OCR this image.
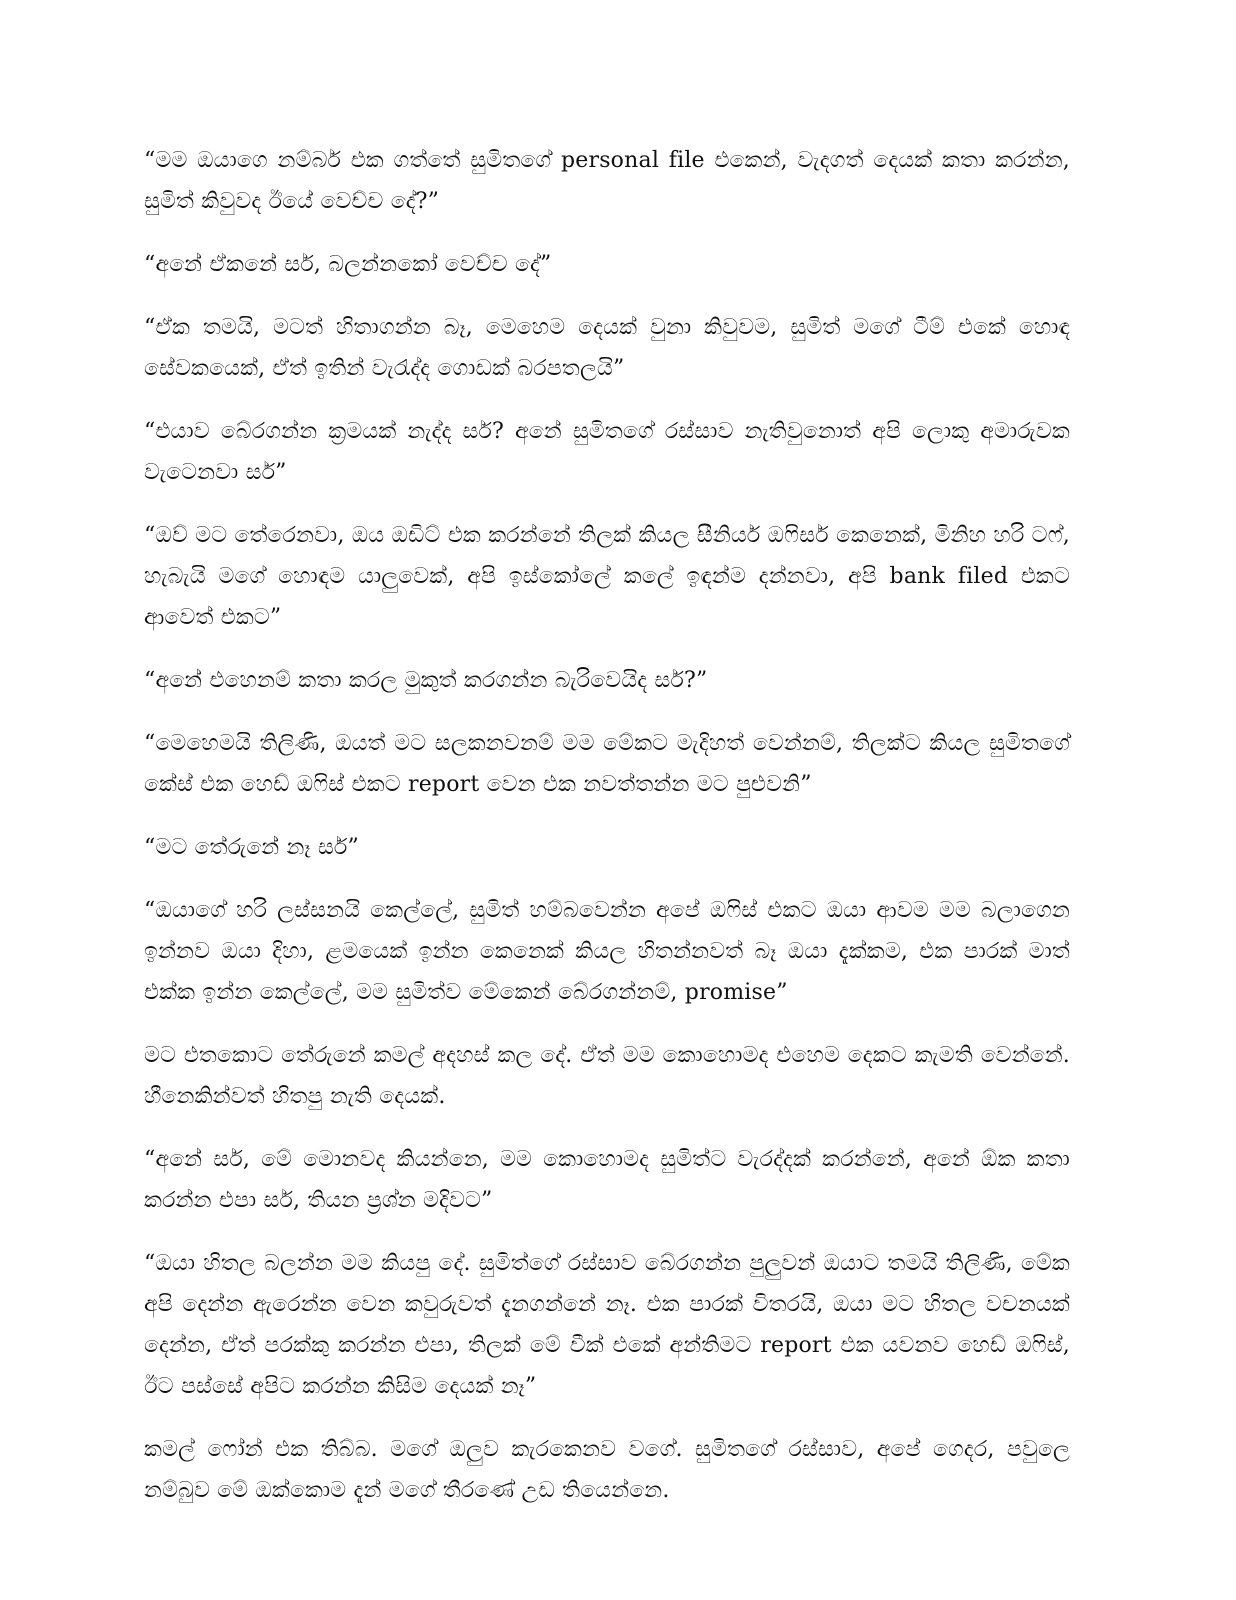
“මම ඔයාගෙ නම්බර් එක ගත්තේ සුමිතගේ personal file එකෙන්, වැදගත් දෙයක් කතා කරන්න, සුමිත් කිවුවද ඊයේ වෙච්ච දේ?”

“අනේ ඒකනේ සර්, බලන්නකෝ වෙච්ච දේ”

“ඒක තමයි, මටත් හිතාගන්න බෑ, මෙහෙම දෙයක් වුනා කිවුවම, සුමිත් මගේ ටීම් එකේ හොඳ සේවකයෙක්, ඒත් ඉතින් වැරැද්ද ගොඩක් බරපතලයි”

“එයාව බේරගන්න ක්‍රමයක් නැද්ද සර්? අනේ සුමිතගේ රස්සාව නැතිවුනොත් අපි ලොකු අමාරුවක වැටෙනවා සර්”

“ඔව් මට තේරෙනවා, ඔය ඔඩිට් එක කරන්නේ තිලක් කියල සීනියර් ඔෆිසර් කෙනෙක්, මිනිහ හරි ටෆ්, හැබැයි මගේ හොඳම යාලුවෙක්, අපි ඉස්කෝලේ කලේ ඉඳන්ම දන්නවා, අපි bank filed එකට ආවෙත් එකට”

“අනේ එහෙනම් කතා කරල මුකුත් කරගන්න බැරිවෙයිද සර්?”

“මෙහෙමයි තිලිණි, ඔයත් මට සලකනවනම් මම මේකට මැදිහත් වෙන්නම්, තිලක්ට කියල සුමිතගේ කේස් එක හෙඩ් ඔෆිස් එකට report වෙන එක නවත්තන්න මට පුළුවනි”

“මට තේරුනේ නෑ සර්”

“ඔයාගේ හරි ලස්සනයි කෙල්ලේ, සුමිත් හම්බවෙන්න අපේ ඔෆිස් එකට ඔයා ආවම මම බලාගෙන ඉන්නව ඔයා දිහා, ළමයෙක් ඉන්න කෙනෙක් කියල හිතන්නවත් බෑ ඔයා දැක්කම, එක පාරක් මාත් එක්ක ඉන්න කෙල්ලේ, මම සුමිත්ව මේකෙන් බේරගන්නම්, promise”

මට එතකොට තේරුනේ කමල් අදහස් කල දේ. ඒත් මම කොහොමද එහෙම දෙකට කැමති වෙන්නේ. හීනෙකින්වත් හිතපු නැති දෙයක්.

“අනේ සර්, මේ මොනවද කියන්නෙ, මම කොහොමද සුමිත්ට වැරද්දක් කරන්නේ, අනේ ඕක කතා කරන්න එපා සර්, තියන ප්‍රශ්න මදිවට”

“ඔයා හිතල බලන්න මම කියපු දේ. සුමිත්ගේ රස්සාව බේරගන්න පුලුවන් ඔයාට තමයි තිලිණි, මේක අපි දෙන්න ඇරෙන්න වෙන කවුරුවත් දැනගන්නේ නෑ. එක පාරක් විතරයි, ඔයා මට හිතල වචනයක් දෙන්න, ඒත් පරක්කු කරන්න එපා, තිලක් මේ වීක් එකේ අන්තිමට report එක යවනව හෙඩ් ඔෆිස්, ඊට පස්සේ අපිට කරන්න කිසිම දෙයක් නෑ”

කමල් ෆෝන් එක තිබ්බ. මගේ ඔලුව කැරකෙනව වගේ. සුමිතගේ රස්සාව, අපේ ගෙදර, පවුලෙ නම්බුව මේ ඔක්කොම දැන් මගේ තීරණේ උඩ තියෙන්නෙ.
